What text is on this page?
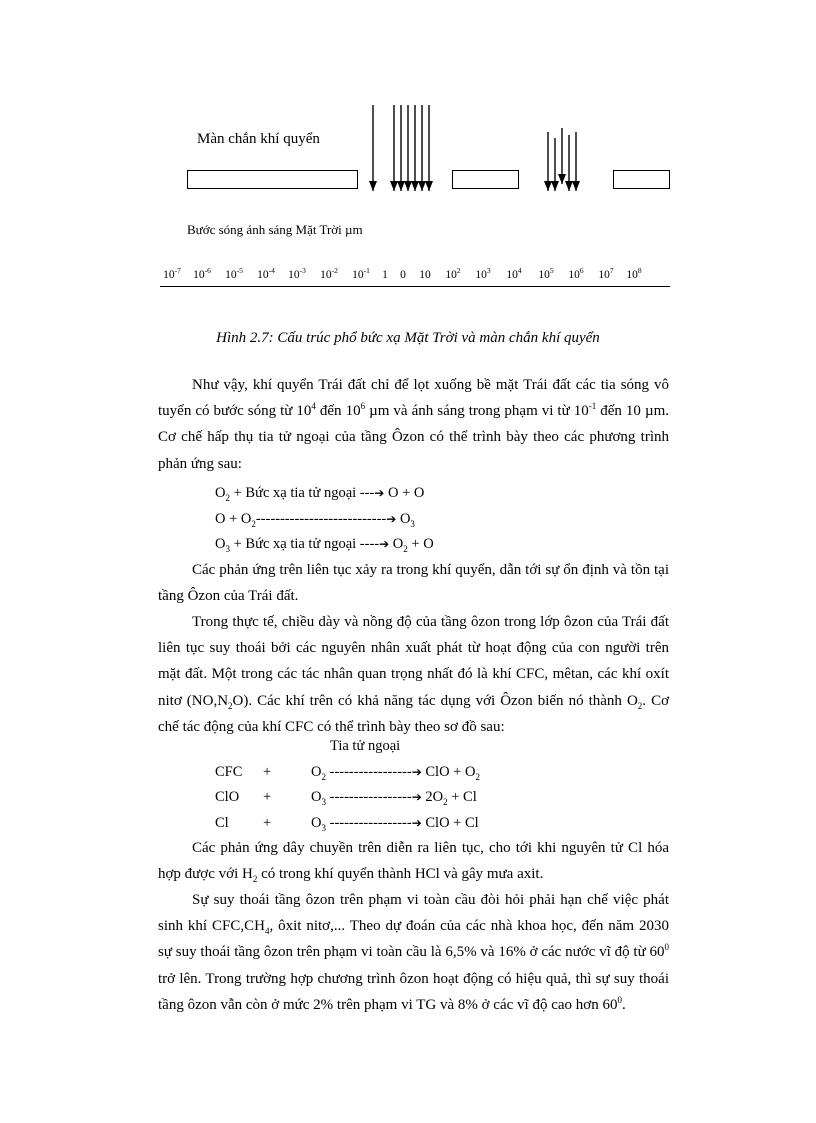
Màn chắn khí quyển
Bước sóng ánh sáng Mặt Trời µm
$10^{-7}$ $10^{-6}$ $10^{-5}$ $10^{-4}$ $10^{-3}$ $10^{-2}$ $10^{-1}$ 1 0 10 $10^2$ $10^3$ $10^4$ $10^5$ $10^6$ $10^7$ $10^8$
Hình 2.7: Cấu trúc phổ bức xạ Mặt Trời và màn chắn khí quyển
Như vậy, khí quyển Trái đất chỉ để lọt xuống bề mặt Trái đất các tia sóng vô tuyến có bước sóng từ $10^4$ đến $10^6$ µm và ánh sáng trong phạm vi từ $10^{-1}$ đến 10 µm. Cơ chế hấp thụ tia tử ngoại của tầng Ôzon có thể trình bày theo các phương trình phản ứng sau:
$O_2$ + Bức xạ tia tử ngoại ---➔ O + O
$O + O_2---------------------------➔$ $O_3$
$O_3$ + Bức xạ tia tử ngoại ----➔ $O_2 + O$
Các phản ứng trên liên tục xảy ra trong khí quyển, dẫn tới sự ổn định và tồn tại tầng Ôzon của Trái đất.
Trong thực tế, chiều dày và nồng độ của tầng ôzon trong lớp ôzon của Trái đất liên tục suy thoái bởi các nguyên nhân xuất phát từ hoạt động của con người trên mặt đất. Một trong các tác nhân quan trọng nhất đó là khí CFC, mêtan, các khí oxít nitơ $(NO,N_2O)$. Các khí trên có khả năng tác dụng với Ôzon biến nó thành $O_2$. Cơ chế tác động của khí CFC có thể trình bày theo sơ đồ sau:
Tia tử ngoại
CFC +	$O_2$ -----------------➔ ClO + $O_2$
ClO +	$O_3$ -----------------➔ $2O_2 + Cl$
Cl +	$O_3$ -----------------➔ ClO + Cl
Các phản ứng dây chuyền trên diễn ra liên tục, cho tới khi nguyên tử Cl hóa hợp được với $H_2$ có trong khí quyển thành HCl và gây mưa axit.
Sự suy thoái tầng ôzon trên phạm vi toàn cầu đòi hỏi phải hạn chế việc phát sinh khí $CFC,CH_4$, ôxit nitơ,... Theo dự đoán của các nhà khoa học, đến năm 2030 sự suy thoái tầng ôzon trên phạm vi toàn cầu là 6,5% và 16% ở các nước vĩ độ từ $60^0$ trở lên. Trong trường hợp chương trình ôzon hoạt động có hiệu quả, thì sự suy thoái tầng ôzon vẫn còn ở mức 2% trên phạm vi TG và 8% ở các vĩ độ cao hơn $60^0$.
